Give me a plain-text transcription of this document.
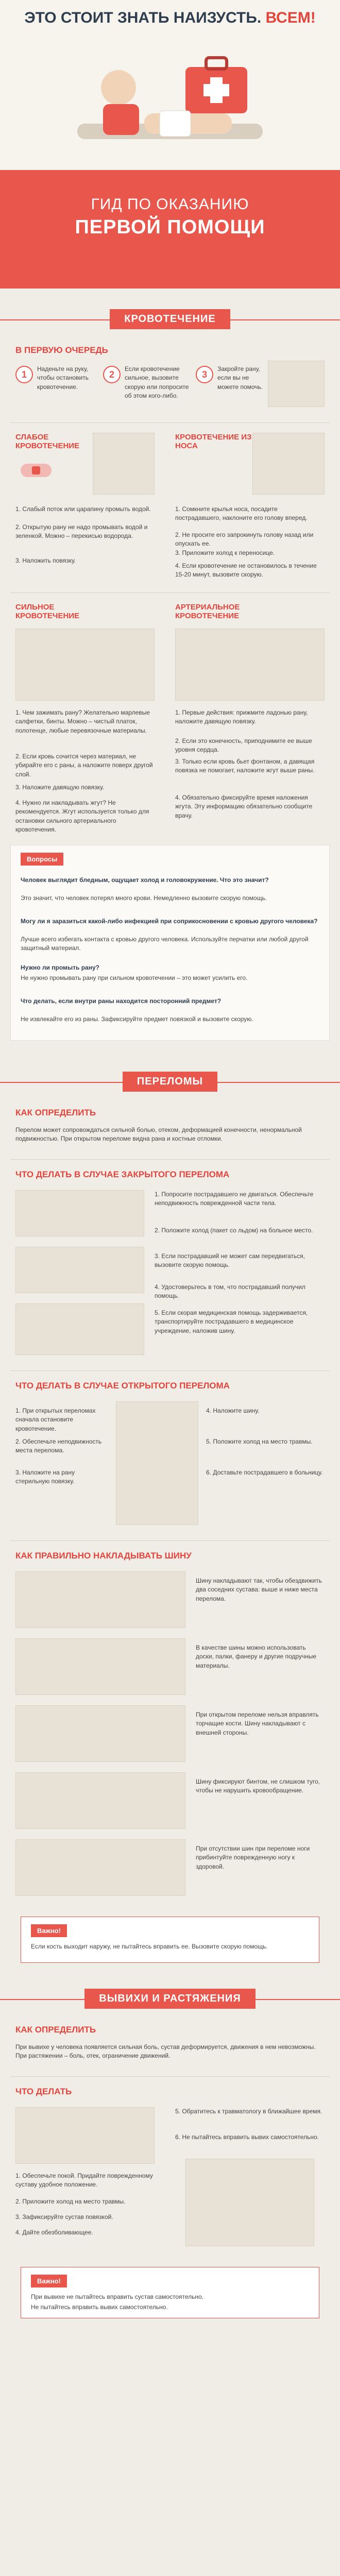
ЭТО СТОИТ ЗНАТЬ НАИЗУСТЬ. ВСЕМ!
ГИД ПО ОКАЗАНИЮ
ПЕРВОЙ ПОМОЩИ
КРОВОТЕЧЕНИЕ
В ПЕРВУЮ ОЧЕРЕДЬ
1
Наденьте на руку, чтобы остановить кровотечение.
2
Если кровотечение сильное, вызовите скорую или попросите об этом кого-либо.
3
Закройте рану, если вы не можете помочь.
СЛАБОЕ КРОВОТЕЧЕНИЕ
1. Слабый поток или царапину промыть водой.
2. Открытую рану не надо промывать водой и зеленкой. Можно – перекисью водорода.
3. Наложить повязку.
КРОВОТЕЧЕНИЕ ИЗ НОСА
1. Сомкните крылья носа, посадите пострадавшего, наклоните его голову вперед.
2. Не просите его запрокинуть голову назад или опускать ее.
3. Приложите холод к переносице.
4. Если кровотечение не остановилось в течение 15-20 минут, вызовите скорую.
СИЛЬНОЕ КРОВОТЕЧЕНИЕ
1. Чем зажимать рану? Желательно марлевые салфетки, бинты. Можно – чистый платок, полотенце, любые перевязочные материалы.
2. Если кровь сочится через материал, не убирайте его с раны, а наложите поверх другой слой.
3. Наложите давящую повязку.
4. Нужно ли накладывать жгут? Не рекомендуется. Жгут используется только для остановки сильного артериального кровотечения.
АРТЕРИАЛЬНОЕ КРОВОТЕЧЕНИЕ
1. Первые действия: прижмите ладонью рану, наложите давящую повязку.
2. Если это конечность, приподнимите ее выше уровня сердца.
3. Только если кровь бьет фонтаном, а давящая повязка не помогает, наложите жгут выше раны.
4. Обязательно фиксируйте время наложения жгута. Эту информацию обязательно сообщите врачу.
Вопросы
Человек выглядит бледным, ощущает холод и головокружение. Что это значит?
Это значит, что человек потерял много крови. Немедленно вызовите скорую помощь.
Могу ли я заразиться какой-либо инфекцией при соприкосновении с кровью другого человека?
Лучше всего избегать контакта с кровью другого человека. Используйте перчатки или любой другой защитный материал.
Нужно ли промыть рану?
Не нужно промывать рану при сильном кровотечении – это может усилить его.
Что делать, если внутри раны находится посторонний предмет?
Не извлекайте его из раны. Зафиксируйте предмет повязкой и вызовите скорую.
ПЕРЕЛОМЫ
КАК ОПРЕДЕЛИТЬ
Перелом может сопровождаться сильной болью, отеком, деформацией конечности, ненормальной подвижностью. При открытом переломе видна рана и костные отломки.
ЧТО ДЕЛАТЬ В СЛУЧАЕ ЗАКРЫТОГО ПЕРЕЛОМА
1. Попросите пострадавшего не двигаться. Обеспечьте неподвижность поврежденной части тела.
2. Положите холод (пакет со льдом) на больное место.
3. Если пострадавший не может сам передвигаться, вызовите скорую помощь.
4. Удостоверьтесь в том, что пострадавший получил помощь.
5. Если скорая медицинская помощь задерживается, транспортируйте пострадавшего в медицинское учреждение, наложив шину.
ЧТО ДЕЛАТЬ В СЛУЧАЕ ОТКРЫТОГО ПЕРЕЛОМА
1. При открытых переломах сначала остановите кровотечение.
2. Обеспечьте неподвижность места перелома.
3. Наложите на рану стерильную повязку.
4. Наложите шину.
5. Положите холод на место травмы.
6. Доставьте пострадавшего в больницу.
КАК ПРАВИЛЬНО НАКЛАДЫВАТЬ ШИНУ
Шину накладывают так, чтобы обездвижить два соседних сустава: выше и ниже места перелома.
В качестве шины можно использовать доски, палки, фанеру и другие подручные материалы.
При открытом переломе нельзя вправлять торчащие кости. Шину накладывают с внешней стороны.
Шину фиксируют бинтом, не слишком туго, чтобы не нарушить кровообращение.
При отсутствии шин при переломе ноги прибинтуйте поврежденную ногу к здоровой.
Важно!
Если кость выходит наружу, не пытайтесь вправить ее. Вызовите скорую помощь.
ВЫВИХИ И РАСТЯЖЕНИЯ
КАК ОПРЕДЕЛИТЬ
При вывихе у человека появляется сильная боль, сустав деформируется, движения в нем невозможны. При растяжении – боль, отек, ограничение движений.
ЧТО ДЕЛАТЬ
1. Обеспечьте покой. Придайте поврежденному суставу удобное положение.
2. Приложите холод на место травмы.
3. Зафиксируйте сустав повязкой.
4. Дайте обезболивающее.
5. Обратитесь к травматологу в ближайшее время.
6. Не пытайтесь вправить вывих самостоятельно.
Важно!
При вывихе не пытайтесь вправить сустав самостоятельно.
Не пытайтесь вправить вывих самостоятельно.
